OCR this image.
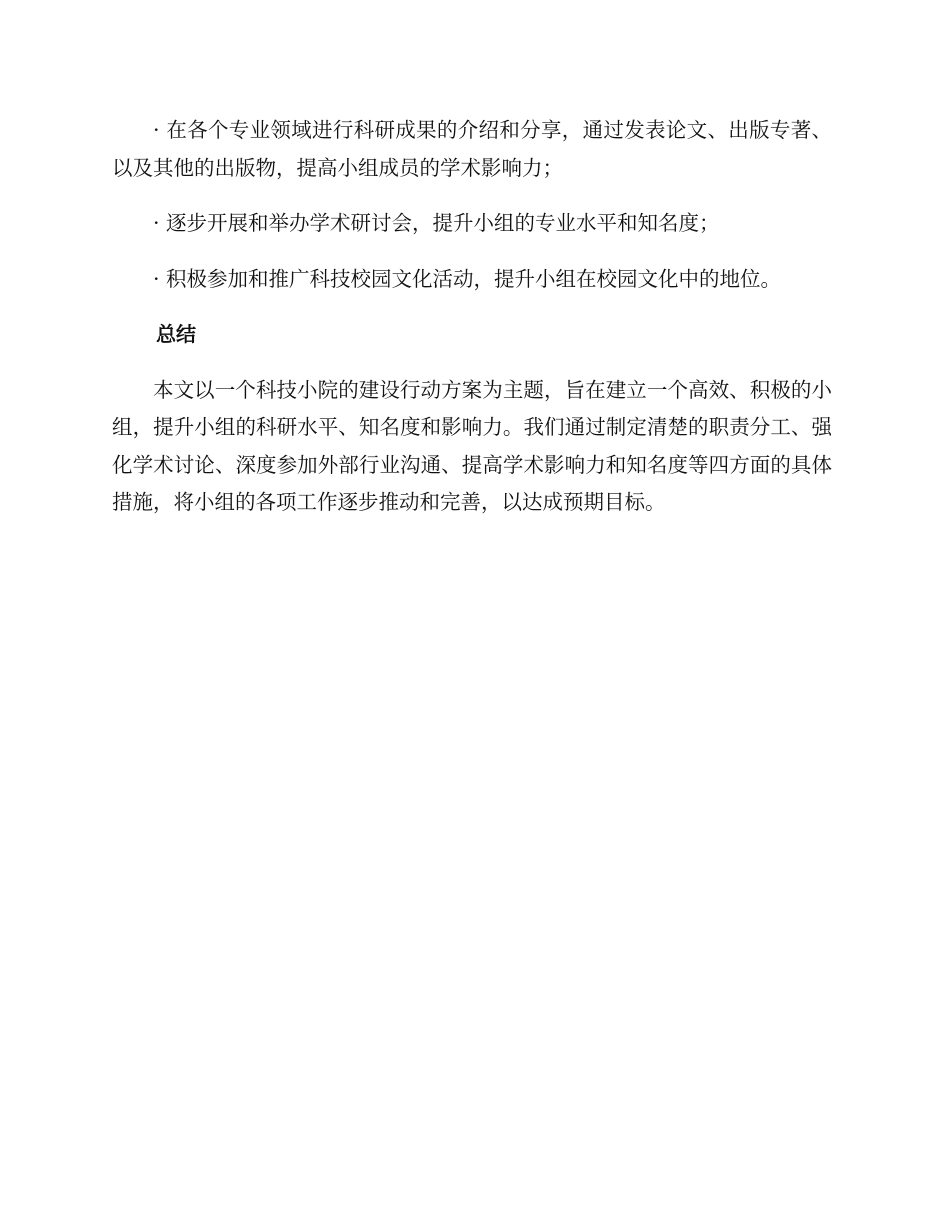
· 在各个专业领域进行科研成果的介绍和分享，通过发表论文、出版专著、以及其他的出版物，提高小组成员的学术影响力；

· 逐步开展和举办学术研讨会，提升小组的专业水平和知名度；

· 积极参加和推广科技校园文化活动，提升小组在校园文化中的地位。

总结

本文以一个科技小院的建设行动方案为主题，旨在建立一个高效、积极的小组，提升小组的科研水平、知名度和影响力。我们通过制定清楚的职责分工、强化学术讨论、深度参加外部行业沟通、提高学术影响力和知名度等四方面的具体措施，将小组的各项工作逐步推动和完善，以达成预期目标。
